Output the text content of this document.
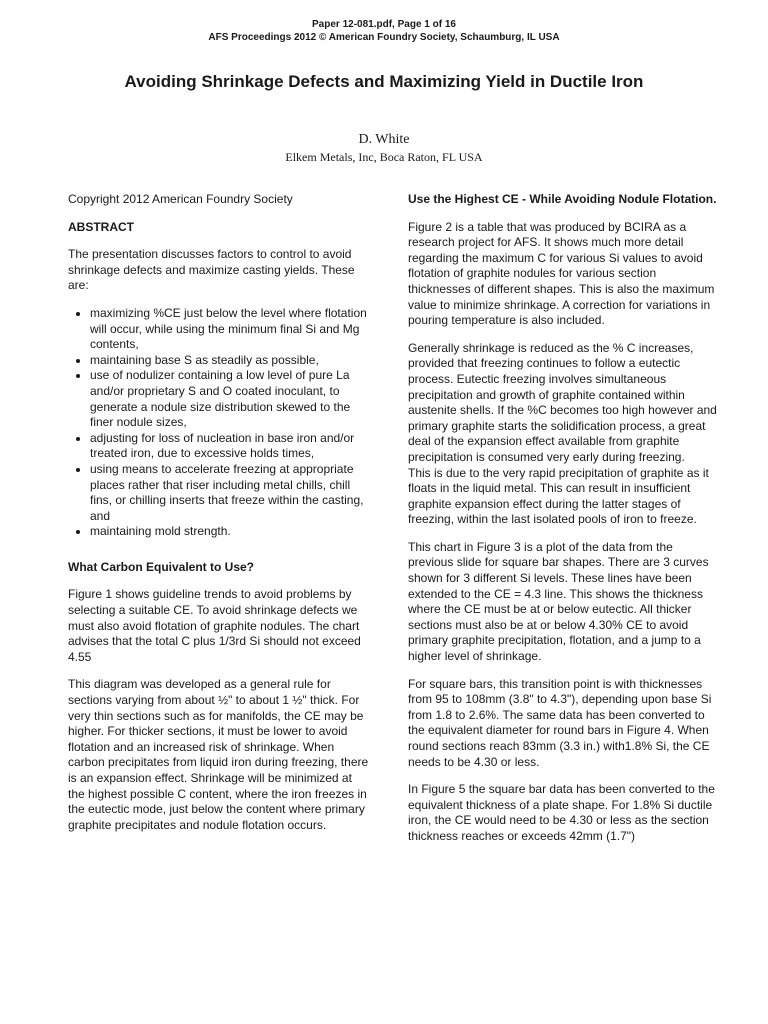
Paper 12-081.pdf, Page 1 of 16
AFS Proceedings 2012 © American Foundry Society, Schaumburg, IL USA
Avoiding Shrinkage Defects and Maximizing Yield in Ductile Iron
D. White
Elkem Metals, Inc, Boca Raton, FL USA

Copyright 2012 American Foundry Society

ABSTRACT

The presentation discusses factors to control to avoid shrinkage defects and maximize casting yields. These are:

• maximizing %CE just below the level where flotation will occur, while using the minimum final Si and Mg contents,
• maintaining base S as steadily as possible,
• use of nodulizer containing a low level of pure La and/or proprietary S and O coated inoculant, to generate a nodule size distribution skewed to the finer nodule sizes,
• adjusting for loss of nucleation in base iron and/or treated iron, due to excessive holds times,
• using means to accelerate freezing at appropriate places rather that riser including metal chills, chill fins, or chilling inserts that freeze within the casting, and
• maintaining mold strength.
What Carbon Equivalent to Use?

Figure 1 shows guideline trends to avoid problems by selecting a suitable CE. To avoid shrinkage defects we must also avoid flotation of graphite nodules. The chart advises that the total C plus 1/3rd Si should not exceed 4.55

This diagram was developed as a general rule for sections varying from about ½" to about 1 ½" thick. For very thin sections such as for manifolds, the CE may be higher. For thicker sections, it must be lower to avoid flotation and an increased risk of shrinkage. When carbon precipitates from liquid iron during freezing, there is an expansion effect. Shrinkage will be minimized at the highest possible C content, where the iron freezes in the eutectic mode, just below the content where primary graphite precipitates and nodule flotation occurs.

Use the Highest CE - While Avoiding Nodule Flotation.

Figure 2 is a table that was produced by BCIRA as a research project for AFS. It shows much more detail regarding the maximum C for various Si values to avoid flotation of graphite nodules for various section thicknesses of different shapes. This is also the maximum value to minimize shrinkage. A correction for variations in pouring temperature is also included.

Generally shrinkage is reduced as the % C increases, provided that freezing continues to follow a eutectic process. Eutectic freezing involves simultaneous precipitation and growth of graphite contained within austenite shells. If the %C becomes too high however and primary graphite starts the solidification process, a great deal of the expansion effect available from graphite precipitation is consumed very early during freezing.

This is due to the very rapid precipitation of graphite as it floats in the liquid metal. This can result in insufficient graphite expansion effect during the latter stages of freezing, within the last isolated pools of iron to freeze.

This chart in Figure 3 is a plot of the data from the previous slide for square bar shapes. There are 3 curves shown for 3 different Si levels. These lines have been extended to the CE = 4.3 line. This shows the thickness where the CE must be at or below eutectic. All thicker sections must also be at or below 4.30% CE to avoid primary graphite precipitation, flotation, and a jump to a higher level of shrinkage.

For square bars, this transition point is with thicknesses from 95 to 108mm (3.8" to 4.3"), depending upon base Si from 1.8 to 2.6%. The same data has been converted to the equivalent diameter for round bars in Figure 4. When round sections reach 83mm (3.3 in.) with1.8% Si, the CE needs to be 4.30 or less.

In Figure 5 the square bar data has been converted to the equivalent thickness of a plate shape. For 1.8% Si ductile iron, the CE would need to be 4.30 or less as the section thickness reaches or exceeds 42mm (1.7")
